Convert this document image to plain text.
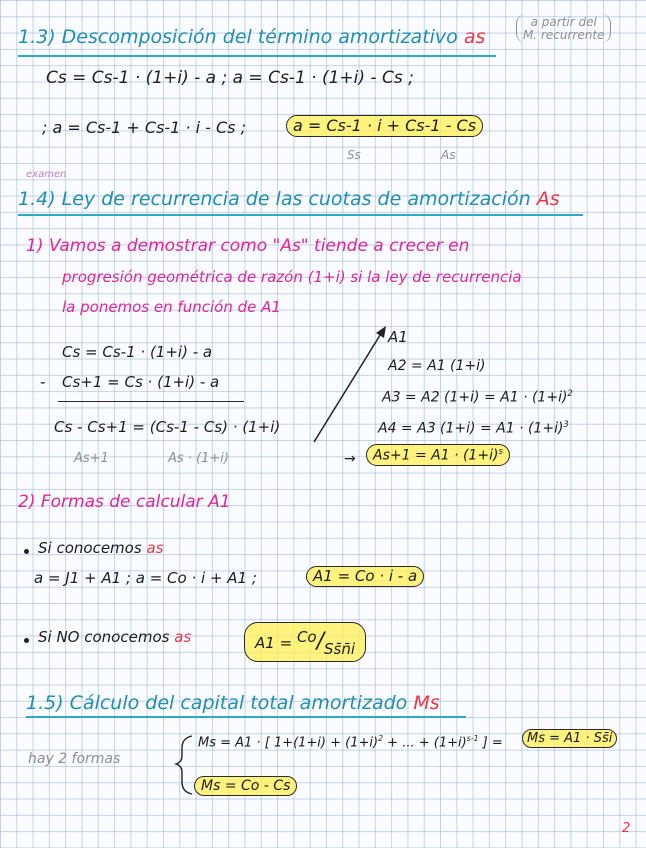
1.3) Descomposición del término amortizativo as
a partir del
M. recurrente
Cs = Cs-1 · (1+i) - a ; a = Cs-1 · (1+i) - Cs ;
; a = Cs-1 + Cs-1 · i - Cs ;	a = Cs-1 · i + Cs-1 - Cs
Ss	As
examen
1.4) Ley de recurrencia de las cuotas de amortización As
1) Vamos a demostrar como "As" tiende a crecer en
progresión geométrica de razón (1+i) si la ley de recurrencia
la ponemos en función de A1
Cs = Cs-1 · (1+i) - a
- Cs+1 = Cs · (1+i) - a
Cs - Cs+1 = (Cs-1 - Cs) · (1+i)
As+1	As · (1+i)
A1
A2 = A1 (1+i)
A3 = A2 $(1+i) = A1 \cdot (1+i)^2$
A4 = A3 $(1+i) = A1 \cdot (1+i)^3$
→	$As+1 = A1 \cdot (1+i)^s$
2) Formas de calcular A1
Si conocemos as
a = J1 + A1 ; a = Co · i + A1 ;	A1 = Co · i - a
Si NO conocemos as	A1 = Co/Ss̄n̄i
1.5) Cálculo del capital total amortizado Ms
hay 2 formas
Ms = A1 · [ $1+(1+i) + (1+i)^2$ + ... + $(1+i)^{s-1}$ ] =	Ms = A1 · Ss̄i
Ms = Co - Cs
2
